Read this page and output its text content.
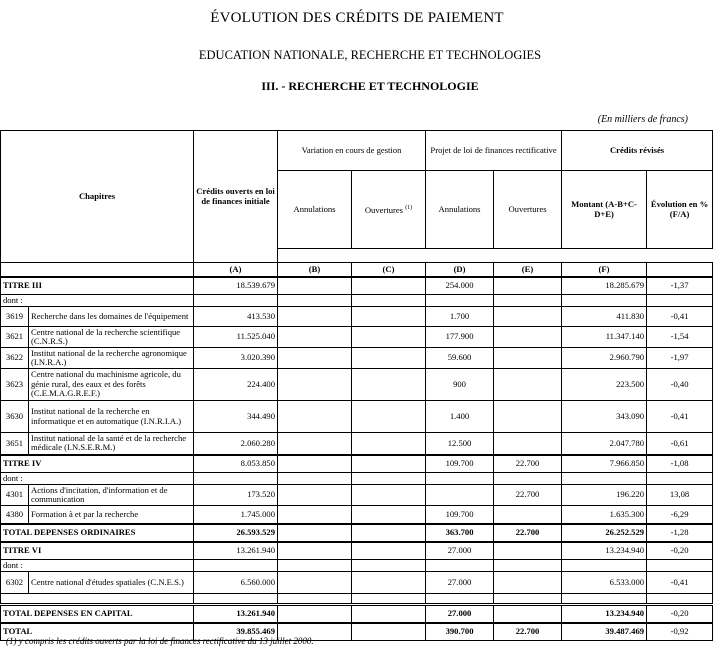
ÉVOLUTION DES CRÉDITS DE PAIEMENT
EDUCATION NATIONALE, RECHERCHE ET TECHNOLOGIES
III. - RECHERCHE ET TECHNOLOGIE
(En milliers de francs)
Chapitres		Crédits ouverts en loi de finances initiale	Variation en cours de gestion		Projet de loi de finances rectificative		Crédits révisés	
			Annulations	Ouvertures $^{(1)}$	Annulations	Ouvertures	Montant (A-B+C-D+E)	Évolution en % (F/A)

		(A)	(B)	(C)	(D)	(E)	(F)	
TITRE III		18.539.679			254.000		18.285.679	-1,37
dont :								
3619	Recherche dans les domaines de l'équipement	413.530			1.700		411.830	-0,41
3621	Centre national de la recherche scientifique (C.N.R.S.)	11.525.040			177.900		11.347.140	-1,54
3622	Institut national de la recherche agronomique (I.N.R.A.)	3.020.390			59.600		2.960.790	-1,97
3623	Centre national du machinisme agricole, du génie rural, des eaux et des forêts (C.E.M.A.G.R.E.F.)	224.400			900		223.500	-0,40
3630	Institut national de la recherche en informatique et en automatique (I.N.R.I.A.)	344.490			1.400		343.090	-0,41
3651	Institut national de la santé et de la recherche médicale (I.N.S.E.R.M.)	2.060.280			12.500		2.047.780	-0,61
TITRE IV		8.053.850			109.700	22.700	7.966.850	-1,08
dont :								
4301	Actions d'incitation, d'information et de communication	173.520				22.700	196.220	13,08
4380	Formation à et par la recherche	1.745.000			109.700		1.635.300	-6,29
TOTAL DEPENSES ORDINAIRES		26.593.529			363.700	22.700	26.252.529	-1,28
TITRE VI		13.261.940			27.000		13.234.940	-0,20
dont :								
6302	Centre national d'études spatiales (C.N.E.S.)	6.560.000			27.000		6.533.000	-0,41

TOTAL DEPENSES EN CAPITAL		13.261.940			27.000		13.234.940	-0,20
TOTAL		39.855.469			390.700	22.700	39.487.469	-0,92
(1) y compris les crédits ouverts par la loi de finances rectificative du 13 juillet 2000.
